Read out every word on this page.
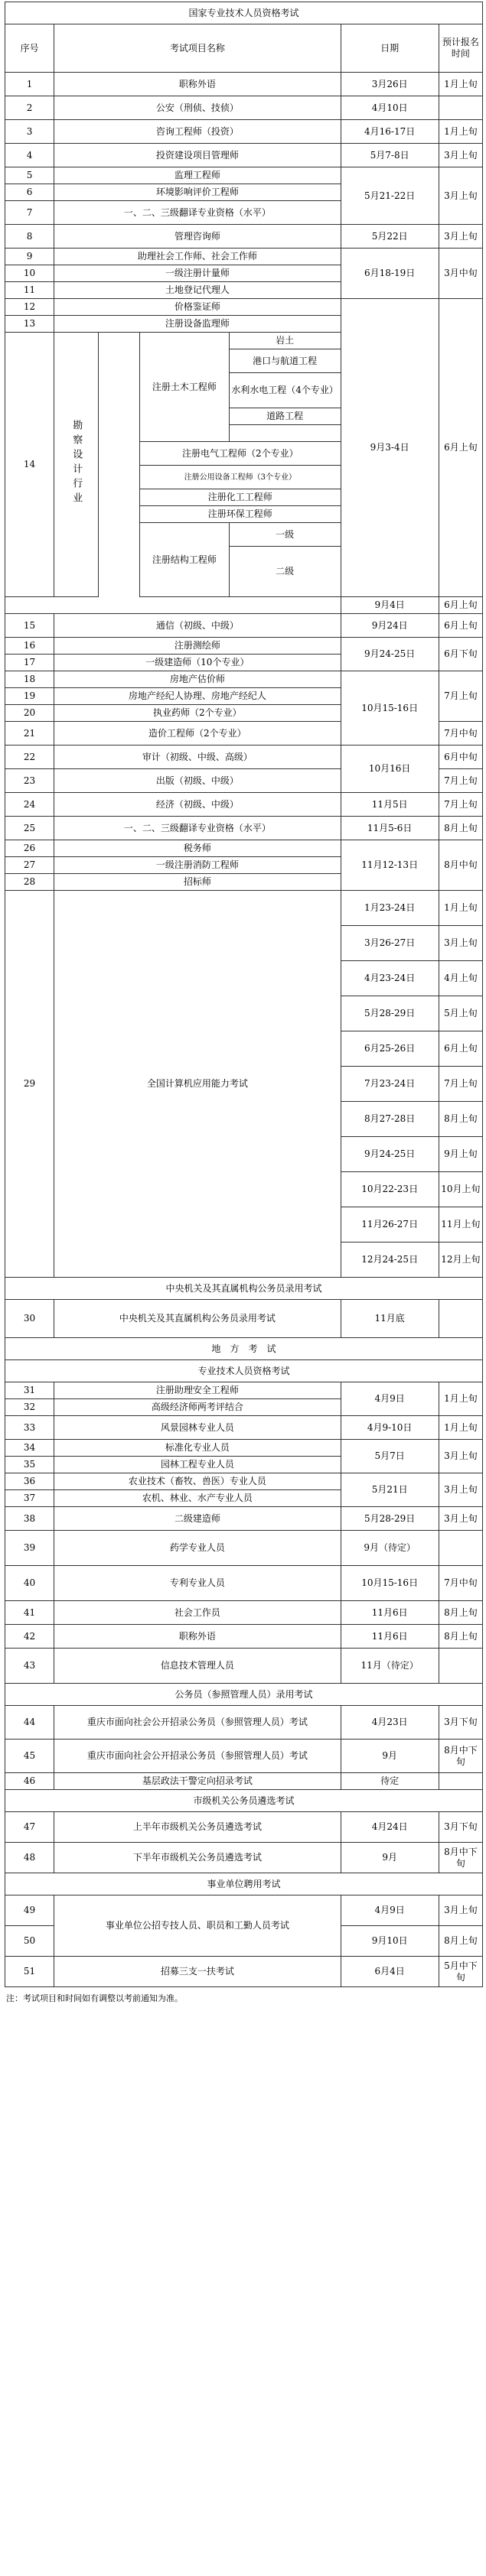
国家专业技术人员资格考试						
序号	考试项目名称				日期	预计报名时间
1	职称外语				3月26日	1月上旬
2	公安（刑侦、技侦）				4月10日	
3	咨询工程师（投资）				4月16-17日	1月上旬
4	投资建设项目管理师				5月7-8日	3月上旬
5	监理工程师				5月21-22日	3月上旬
6	环境影响评价工程师					
7	一、二、三级翻译专业资格（水平）					
8	管理咨询师				5月22日	3月上旬
9	助理社会工作师、社会工作师				6月18-19日	3月中旬
10	一级注册计量师					
11	土地登记代理人					
12	价格鉴证师				9月3-4日	6月上旬
13	注册设备监理师					
14	勘察设计行业		注册土木工程师	岩土		
				港口与航道工程		
				水利水电工程（4个专业）		
				道路工程		

			注册电气工程师（2个专业）			
			注册公用设备工程师（3个专业）			
			注册化工工程师			
			注册环保工程师			
			注册结构工程师	一级		
				二级		

					9月4日	6月上旬
15	通信（初级、中级）				9月24日	6月上旬
16	注册测绘师				9月24-25日	6月下旬
17	一级建造师（10个专业）					
18	房地产估价师				10月15-16日	7月上旬
19	房地产经纪人协理、房地产经纪人					
20	执业药师（2个专业）					
21	造价工程师（2个专业）					7月中旬
22	审计（初级、中级、高级）				10月16日	6月中旬
23	出版（初级、中级）					7月上旬
24	经济（初级、中级）				11月5日	7月上旬
25	一、二、三级翻译专业资格（水平）				11月5-6日	8月上旬
26	税务师				11月12-13日	8月中旬
27	一级注册消防工程师					
28	招标师					
29	全国计算机应用能力考试				1月23-24日	1月上旬
					3月26-27日	3月上旬
					4月23-24日	4月上旬
					5月28-29日	5月上旬
					6月25-26日	6月上旬
					7月23-24日	7月上旬
					8月27-28日	8月上旬
					9月24-25日	9月上旬
					10月22-23日	10月上旬
					11月26-27日	11月上旬
					12月24-25日	12月上旬
中央机关及其直属机构公务员录用考试						
30	中央机关及其直属机构公务员录用考试				11月底	
地　方　考　试						
专业技术人员资格考试						
31	注册助理安全工程师				4月9日	1月上旬
32	高级经济师两考评结合					
33	风景园林专业人员				4月9-10日	1月上旬
34	标准化专业人员				5月7日	3月上旬
35	园林工程专业人员					
36	农业技术（畜牧、兽医）专业人员				5月21日	3月上旬
37	农机、林业、水产专业人员					
38	二级建造师				5月28-29日	3月上旬
39	药学专业人员				9月（待定）	
40	专利专业人员				10月15-16日	7月中旬
41	社会工作员				11月6日	8月上旬
42	职称外语				11月6日	8月上旬
43	信息技术管理人员				11月（待定）	
公务员（参照管理人员）录用考试						
44	重庆市面向社会公开招录公务员（参照管理人员）考试				4月23日	3月下旬
45	重庆市面向社会公开招录公务员（参照管理人员）考试				9月	8月中下旬
46	基层政法干警定向招录考试				待定	
市级机关公务员遴选考试						
47	上半年市级机关公务员遴选考试				4月24日	3月下旬
48	下半年市级机关公务员遴选考试				9月	8月中下旬
事业单位聘用考试						
49	事业单位公招专技人员、职员和工勤人员考试				4月9日	3月上旬
50					9月10日	8月上旬
51	招募三支一扶考试				6月4日	5月中下旬
注：考试项目和时间如有调整以考前通知为准。
